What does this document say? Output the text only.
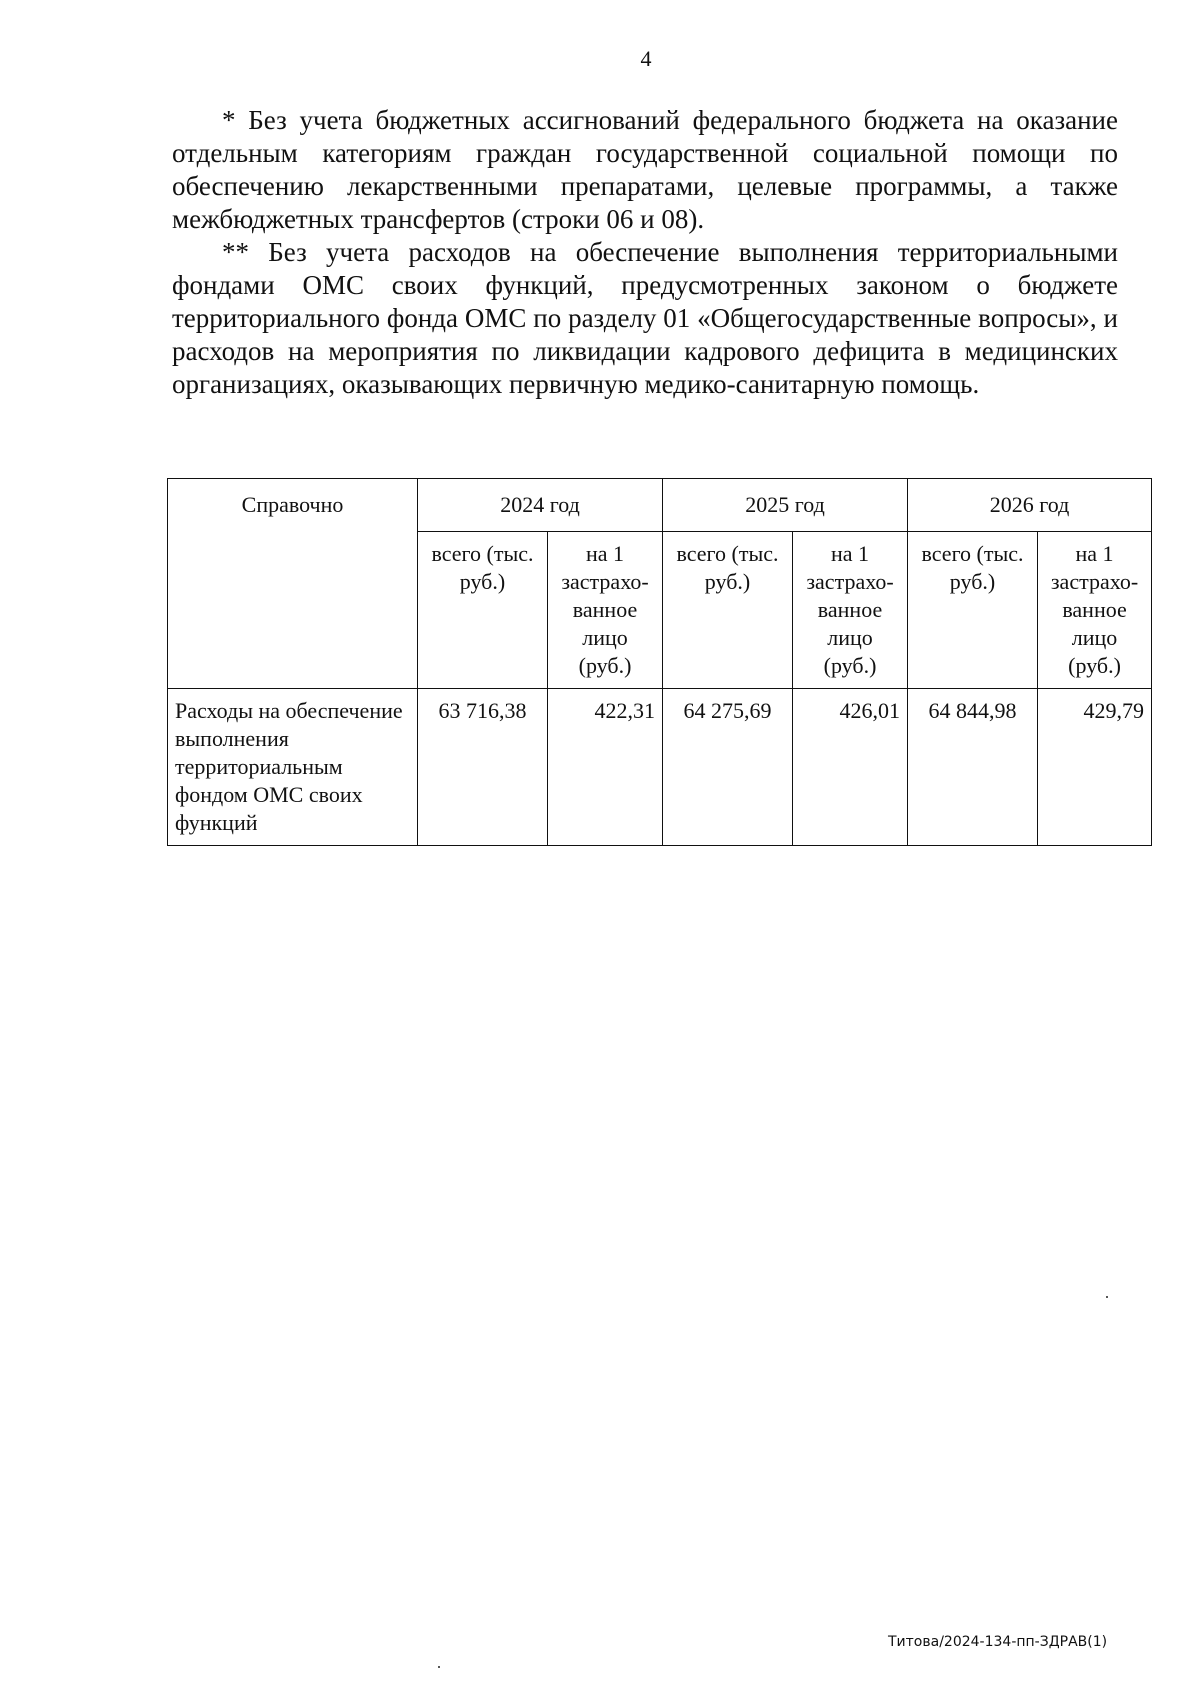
4

* Без учета бюджетных ассигнований федерального бюджета на оказание отдельным категориям граждан государственной социальной помощи по обеспечению лекарственными препаратами, целевые программы, а также межбюджетных трансфертов (строки 06 и 08).

** Без учета расходов на обеспечение выполнения территориальными фондами ОМС своих функций, предусмотренных законом о бюджете территориального фонда ОМС по разделу 01 «Общегосударственные вопросы», и расходов на мероприятия по ликвидации кадрового дефицита в медицинских организациях, оказывающих первичную медико-санитарную помощь.

Справочно	2024 год		2025 год		2026 год	
	всего (тыс. руб.)	на 1 застрахо-ванное лицо (руб.)	всего (тыс. руб.)	на 1 застрахо-ванное лицо (руб.)	всего (тыс. руб.)	на 1 застрахо-ванное лицо (руб.)
Расходы на обеспечение выполнения территориальным фондом ОМС своих функций	63 716,38	422,31	64 275,69	426,01	64 844,98	429,79
Титова/2024-134-пп-ЗДРАВ(1)
